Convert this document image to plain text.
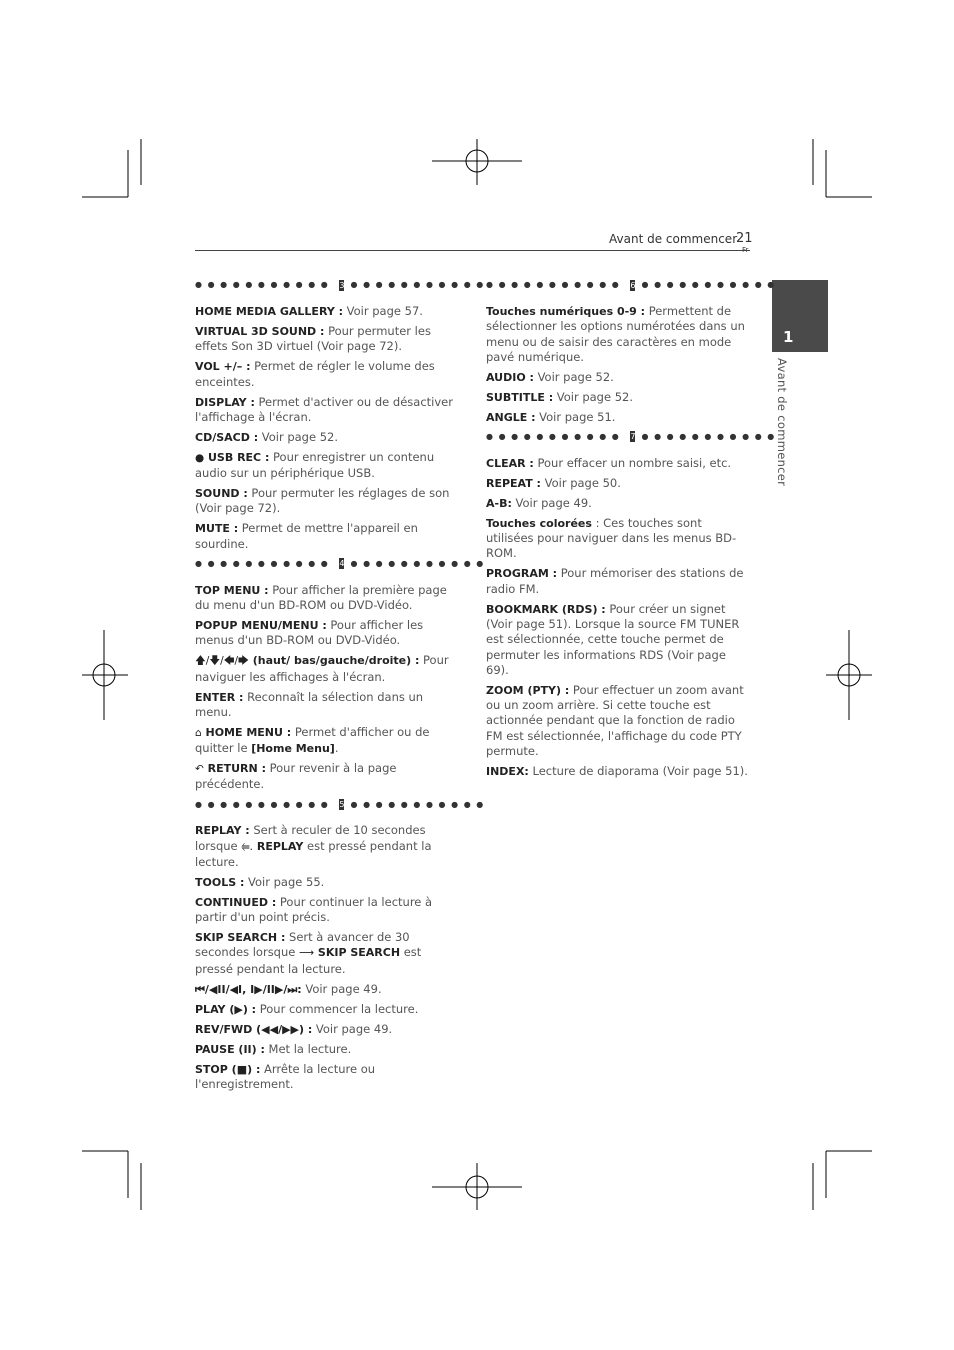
Avant de commencer
21
1
Avant de commencer
●●●●●●●●●●● 3 ●●●●●●●●●●●
HOME MEDIA GALLERY : Voir page 57.
VIRTUAL 3D SOUND : Pour permuter les effets Son 3D virtuel (Voir page 72).
VOL +/– : Permet de régler le volume des enceintes.
DISPLAY : Permet d'activer ou de désactiver l'affichage à l'écran.
CD/SACD : Voir page 52.
● USB REC : Pour enregistrer un contenu audio sur un périphérique USB.
SOUND : Pour permuter les réglages de son (Voir page 72).
MUTE : Permet de mettre l'appareil en sourdine.
●●●●●●●●●●● 4 ●●●●●●●●●●●
TOP MENU : Pour afficher la première page du menu d'un BD-ROM ou DVD-Vidéo.
POPUP MENU/MENU : Pour afficher les menus d'un BD-ROM ou DVD-Vidéo.
🡅/🡇/🡄/🡆 (haut/ bas/gauche/droite) : Pour naviguer les affichages à l'écran.
ENTER : Reconnaît la sélection dans un menu.
⌂ HOME MENU : Permet d'afficher ou de quitter le [Home Menu].
↶ RETURN : Pour revenir à la page précédente.
●●●●●●●●●●● 5 ●●●●●●●●●●●
REPLAY : Sert à reculer de 10 secondes lorsque ⥢. REPLAY est pressé pendant la lecture.
TOOLS : Voir page 55.
CONTINUED : Pour continuer la lecture à partir d'un point précis.
SKIP SEARCH : Sert à avancer de 30 secondes lorsque ⟶ SKIP SEARCH est pressé pendant la lecture.
⏮/◀II/◀I, I▶/II▶/⏭: Voir page 49.
PLAY (▶) : Pour commencer la lecture.
REV/FWD (◀◀/▶▶) : Voir page 49.
PAUSE (II) : Met la lecture.
STOP (■) : Arrête la lecture ou l'enregistrement.
●●●●●●●●●●● 6 ●●●●●●●●●●●
Touches numériques 0-9 : Permettent de sélectionner les options numérotées dans un menu ou de saisir des caractères en mode pavé numérique.
AUDIO : Voir page 52.
SUBTITLE : Voir page 52.
ANGLE : Voir page 51.
●●●●●●●●●●● 7 ●●●●●●●●●●●
CLEAR : Pour effacer un nombre saisi, etc.
REPEAT : Voir page 50.
A-B: Voir page 49.
Touches colorées : Ces touches sont utilisées pour naviguer dans les menus BD-ROM.
PROGRAM : Pour mémoriser des stations de radio FM.
BOOKMARK (RDS) : Pour créer un signet (Voir page 51). Lorsque la source FM TUNER est sélectionnée, cette touche permet de permuter les informations RDS (Voir page 69).
ZOOM (PTY) : Pour effectuer un zoom avant ou un zoom arrière. Si cette touche est actionnée pendant que la fonction de radio FM est sélectionnée, l'affichage du code PTY permute.
INDEX: Lecture de diaporama (Voir page 51).
